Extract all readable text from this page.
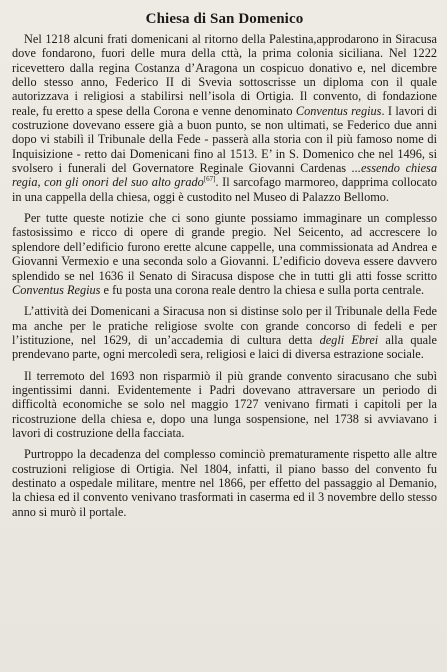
Chiesa di San Domenico

Nel 1218 alcuni frati domenicani al ritorno della Palestina,approdarono in Siracusa dove fondarono, fuori delle mura della cttà, la prima colonia siciliana. Nel 1222 ricevettero dalla regina Costanza d’Aragona un cospicuo donativo e, nel dicembre dello stesso anno, Federico II di Svevia sottoscrisse un diploma con il quale autorizzava i religiosi a stabilirsi nell’isola di Ortigia. Il convento, di fondazione reale, fu eretto a spese della Corona e venne denominato Conventus regius. I lavori di costruzione dovevano essere già a buon punto, se non ultimati, se Federico due anni dopo vi stabilì il Tribunale della Fede - passerà alla storia con il più famoso nome di Inquisizione - retto dai Domenicani fino al 1513. E’ in S. Domenico che nel 1496, si svolsero i funerali del Governatore Reginale Giovanni Cardenas ...essendo chiesa regia, con gli onori del suo alto grado[67]. Il sarcofago marmoreo, dapprima collocato in una cappella della chiesa, oggi è custodito nel Museo di Palazzo Bellomo.

Per tutte queste notizie che ci sono giunte possiamo immaginare un complesso fastosissimo e ricco di opere di grande pregio. Nel Seicento, ad accrescere lo splendore dell’edificio furono erette alcune cappelle, una commissionata ad Andrea e Giovanni Vermexio e una seconda solo a Giovanni. L’edificio doveva essere davvero splendido se nel 1636 il Senato di Siracusa dispose che in tutti gli atti fosse scritto Conventus Regius e fu posta una corona reale dentro la chiesa e sulla porta centrale.

L’attività dei Domenicani a Siracusa non si distinse solo per il Tribunale della Fede ma anche per le pratiche religiose svolte con grande concorso di fedeli e per l’istituzione, nel 1629, di un’accademia di cultura detta degli Ebrei alla quale prendevano parte, ogni mercoledì sera, religiosi e laici di diversa estrazione sociale.

Il terremoto del 1693 non risparmiò il più grande convento siracusano che subì ingentissimi danni. Evidentemente i Padri dovevano attraversare un periodo di difficoltà economiche se solo nel maggio 1727 venivano firmati i capitoli per la ricostruzione della chiesa e, dopo una lunga sospensione, nel 1738 si avviavano i lavori di costruzione della facciata.

Purtroppo la decadenza del complesso cominciò prematuramente rispetto alle altre costruzioni religiose di Ortigia. Nel 1804, infatti, il piano basso del convento fu destinato a ospedale militare, mentre nel 1866, per effetto del passaggio al Demanio, la chiesa ed il convento venivano trasformati in caserma ed il 3 novembre dello stesso anno si murò il portale.
